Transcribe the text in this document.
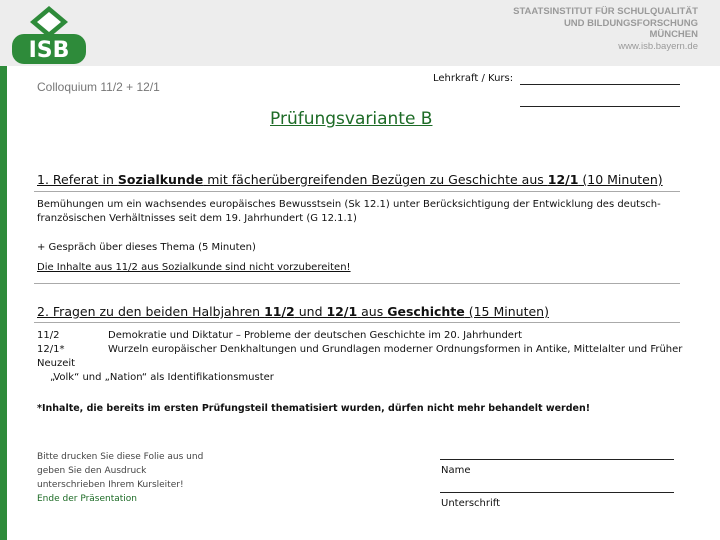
ISB
STAATSINSTITUT FÜR SCHULQUALITÄT
UND BILDUNGSFORSCHUNG
MÜNCHEN
www.isb.bayern.de
Colloquium 11/2 + 12/1
Lehrkraft / Kurs:
Prüfungsvariante B
1. Referat in Sozialkunde mit fächerübergreifenden Bezügen zu Geschichte aus 12/1 (10 Minuten)
Bemühungen um ein wachsendes europäisches Bewusstsein (Sk 12.1) unter Berücksichtigung der Entwicklung des deutsch-
französischen Verhältnisses seit dem 19. Jahrhundert (G 12.1.1)
+ Gespräch über dieses Thema (5 Minuten)
Die Inhalte aus 11/2 aus Sozialkunde sind nicht vorzubereiten!
2. Fragen zu den beiden Halbjahren 11/2 und 12/1 aus Geschichte (15 Minuten)
11/2	Demokratie und Diktatur – Probleme der deutschen Geschichte im 20. Jahrhundert
12/1*	Wurzeln europäischer Denkhaltungen und Grundlagen moderner Ordnungsformen in Antike, Mittelalter und Früher
Neuzeit
„Volk“ und „Nation“ als Identifikationsmuster
*Inhalte, die bereits im ersten Prüfungsteil thematisiert wurden, dürfen nicht mehr behandelt werden!
Bitte drucken Sie diese Folie aus und
geben Sie den Ausdruck
unterschrieben Ihrem Kursleiter!
Ende der Präsentation
Name
Unterschrift
